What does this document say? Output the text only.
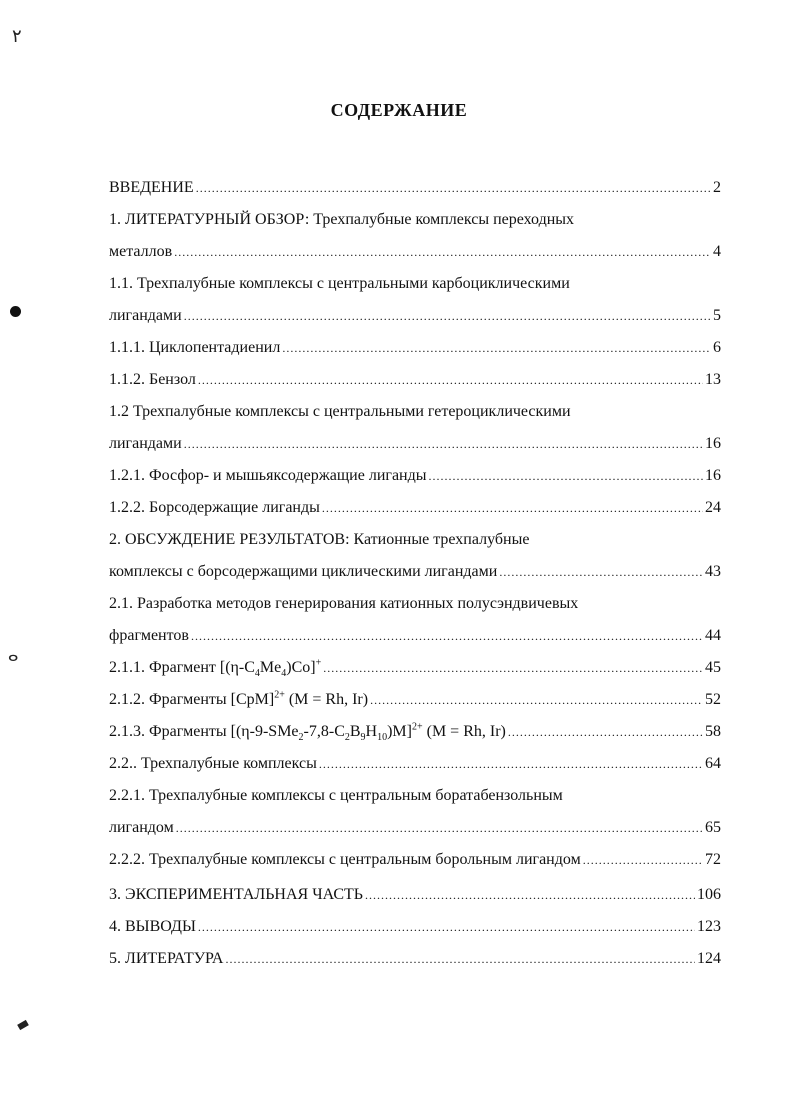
٢
ⴰ
СОДЕРЖАНИЕ
ВВЕДЕНИЕ .....	2
1. ЛИТЕРАТУРНЫЙ ОБЗОР: Трехпалубные комплексы переходных
металлов .....	4
1.1. Трехпалубные комплексы с центральными карбоциклическими
лигандами .....	5
1.1.1. Циклопентадиенил .....	6
1.1.2. Бензол .....	13
1.2 Трехпалубные комплексы с центральными гетероциклическими
лигандами .....	16
1.2.1. Фосфор- и мышьяксодержащие лиганды .....	16
1.2.2. Борсодержащие лиганды .....	24
2. ОБСУЖДЕНИЕ РЕЗУЛЬТАТОВ: Катионные трехпалубные
комплексы с борсодержащими циклическими лигандами .....	43
2.1. Разработка методов генерирования катионных полусэндвичевых
фрагментов .....	44
2.1.1. Фрагмент $[(\eta-C_4Me_4)Co]^+$ .....	45
2.1.2. Фрагменты [CpM]$^{2+}$ (M = Rh, Ir) .....	52
2.1.3. Фрагменты $[(\eta-9-SMe_2-7,8-C_2B_9H_{10})M]^{2+}$ (M = Rh, Ir) .....	58
2.2.. Трехпалубные комплексы .....	64
2.2.1. Трехпалубные комплексы с центральным боратабензольным
лигандом .....	65
2.2.2. Трехпалубные комплексы с центральным борольным лигандом .....	72
3. ЭКСПЕРИМЕНТАЛЬНАЯ ЧАСТЬ .....	106
4. ВЫВОДЫ .....	123
5. ЛИТЕРАТУРА .....	124
